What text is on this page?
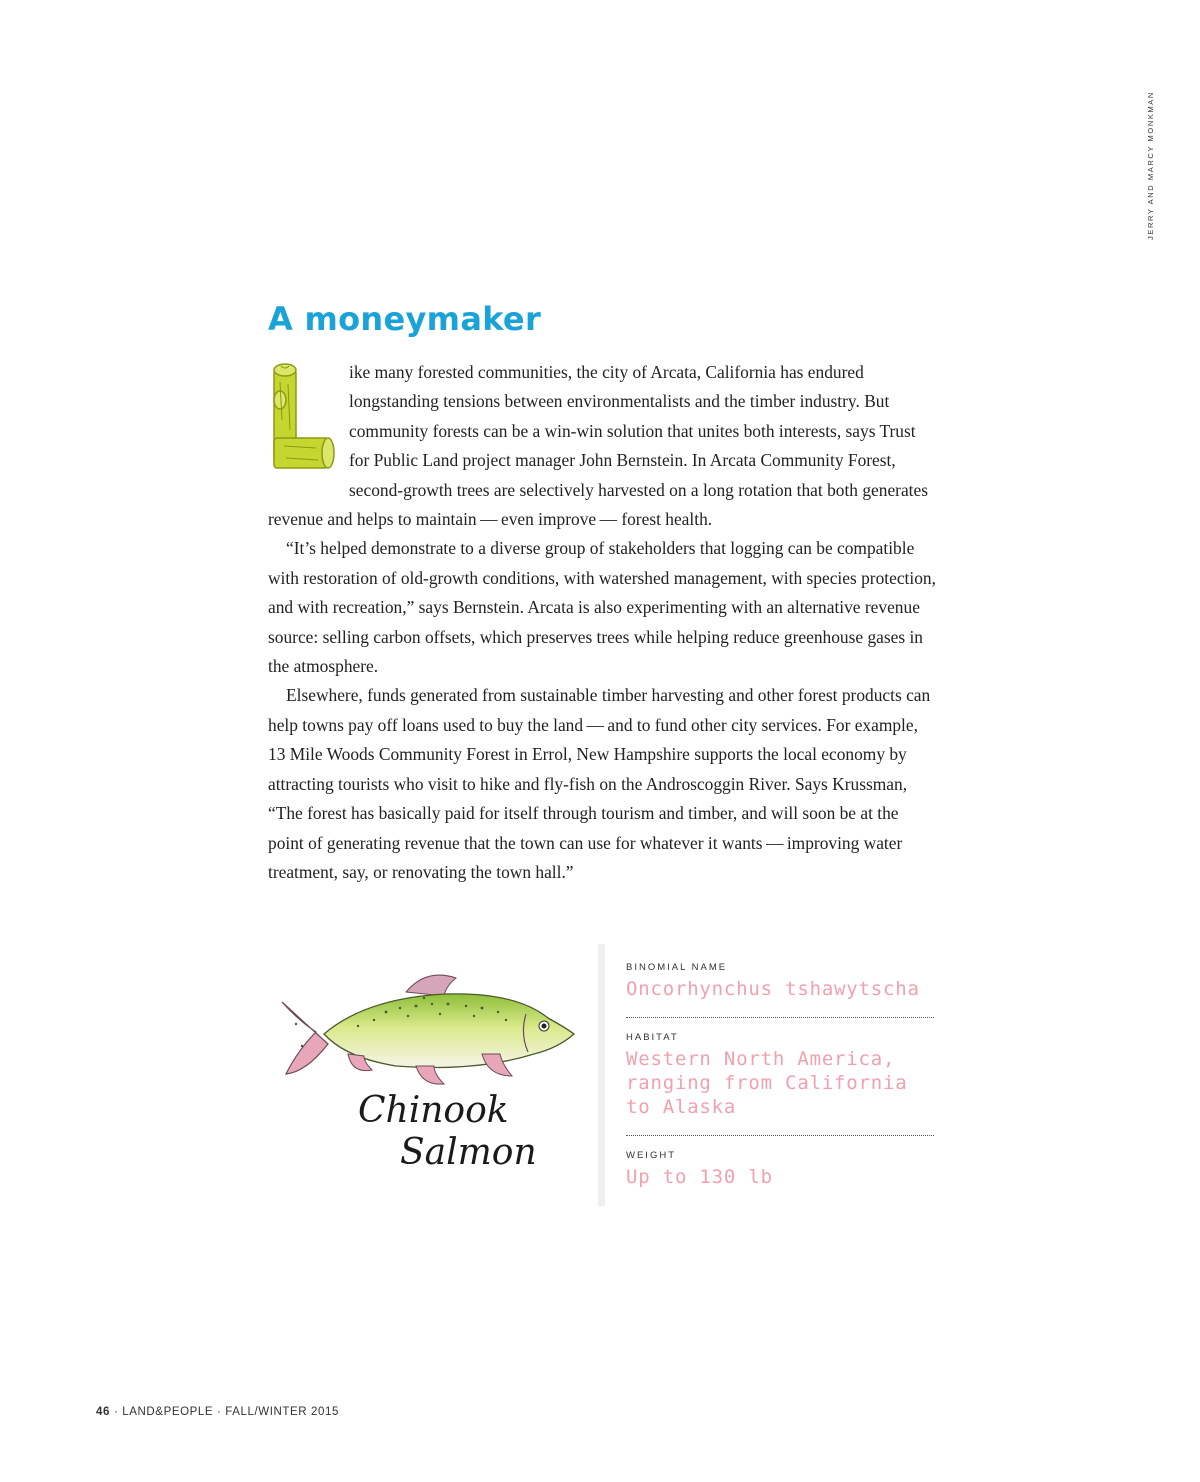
JERRY AND MARCY MONKMAN
A moneymaker

ike many forested communities, the city of Arcata, California has endured longstanding tensions between environmentalists and the timber industry. But community forests can be a win-win solution that unites both interests, says Trust for Public Land project manager John Bernstein. In Arcata Community Forest, second-growth trees are selectively harvested on a long rotation that both generates revenue and helps to maintain — even improve — forest health.

“It’s helped demonstrate to a diverse group of stakeholders that logging can be compatible with restoration of old-growth conditions, with watershed management, with species protection, and with recreation,” says Bernstein. Arcata is also experimenting with an alternative revenue source: selling carbon offsets, which preserves trees while helping reduce greenhouse gases in the atmosphere.

Elsewhere, funds generated from sustainable timber harvesting and other forest products can help towns pay off loans used to buy the land — and to fund other city services. For example, 13 Mile Woods Community Forest in Errol, New Hampshire supports the local economy by attracting tourists who visit to hike and fly-fish on the Androscoggin River. Says Krussman, “The forest has basically paid for itself through tourism and timber, and will soon be at the point of generating revenue that the town can use for whatever it wants — improving water treatment, say, or renovating the town hall.”

Chinook
Salmon
BINOMIAL NAME
Oncorhynchus tshawytscha
HABITAT
Western North America, ranging from California to Alaska
WEIGHT
Up to 130 lb
46 · LAND&PEOPLE · FALL/WINTER 2015
